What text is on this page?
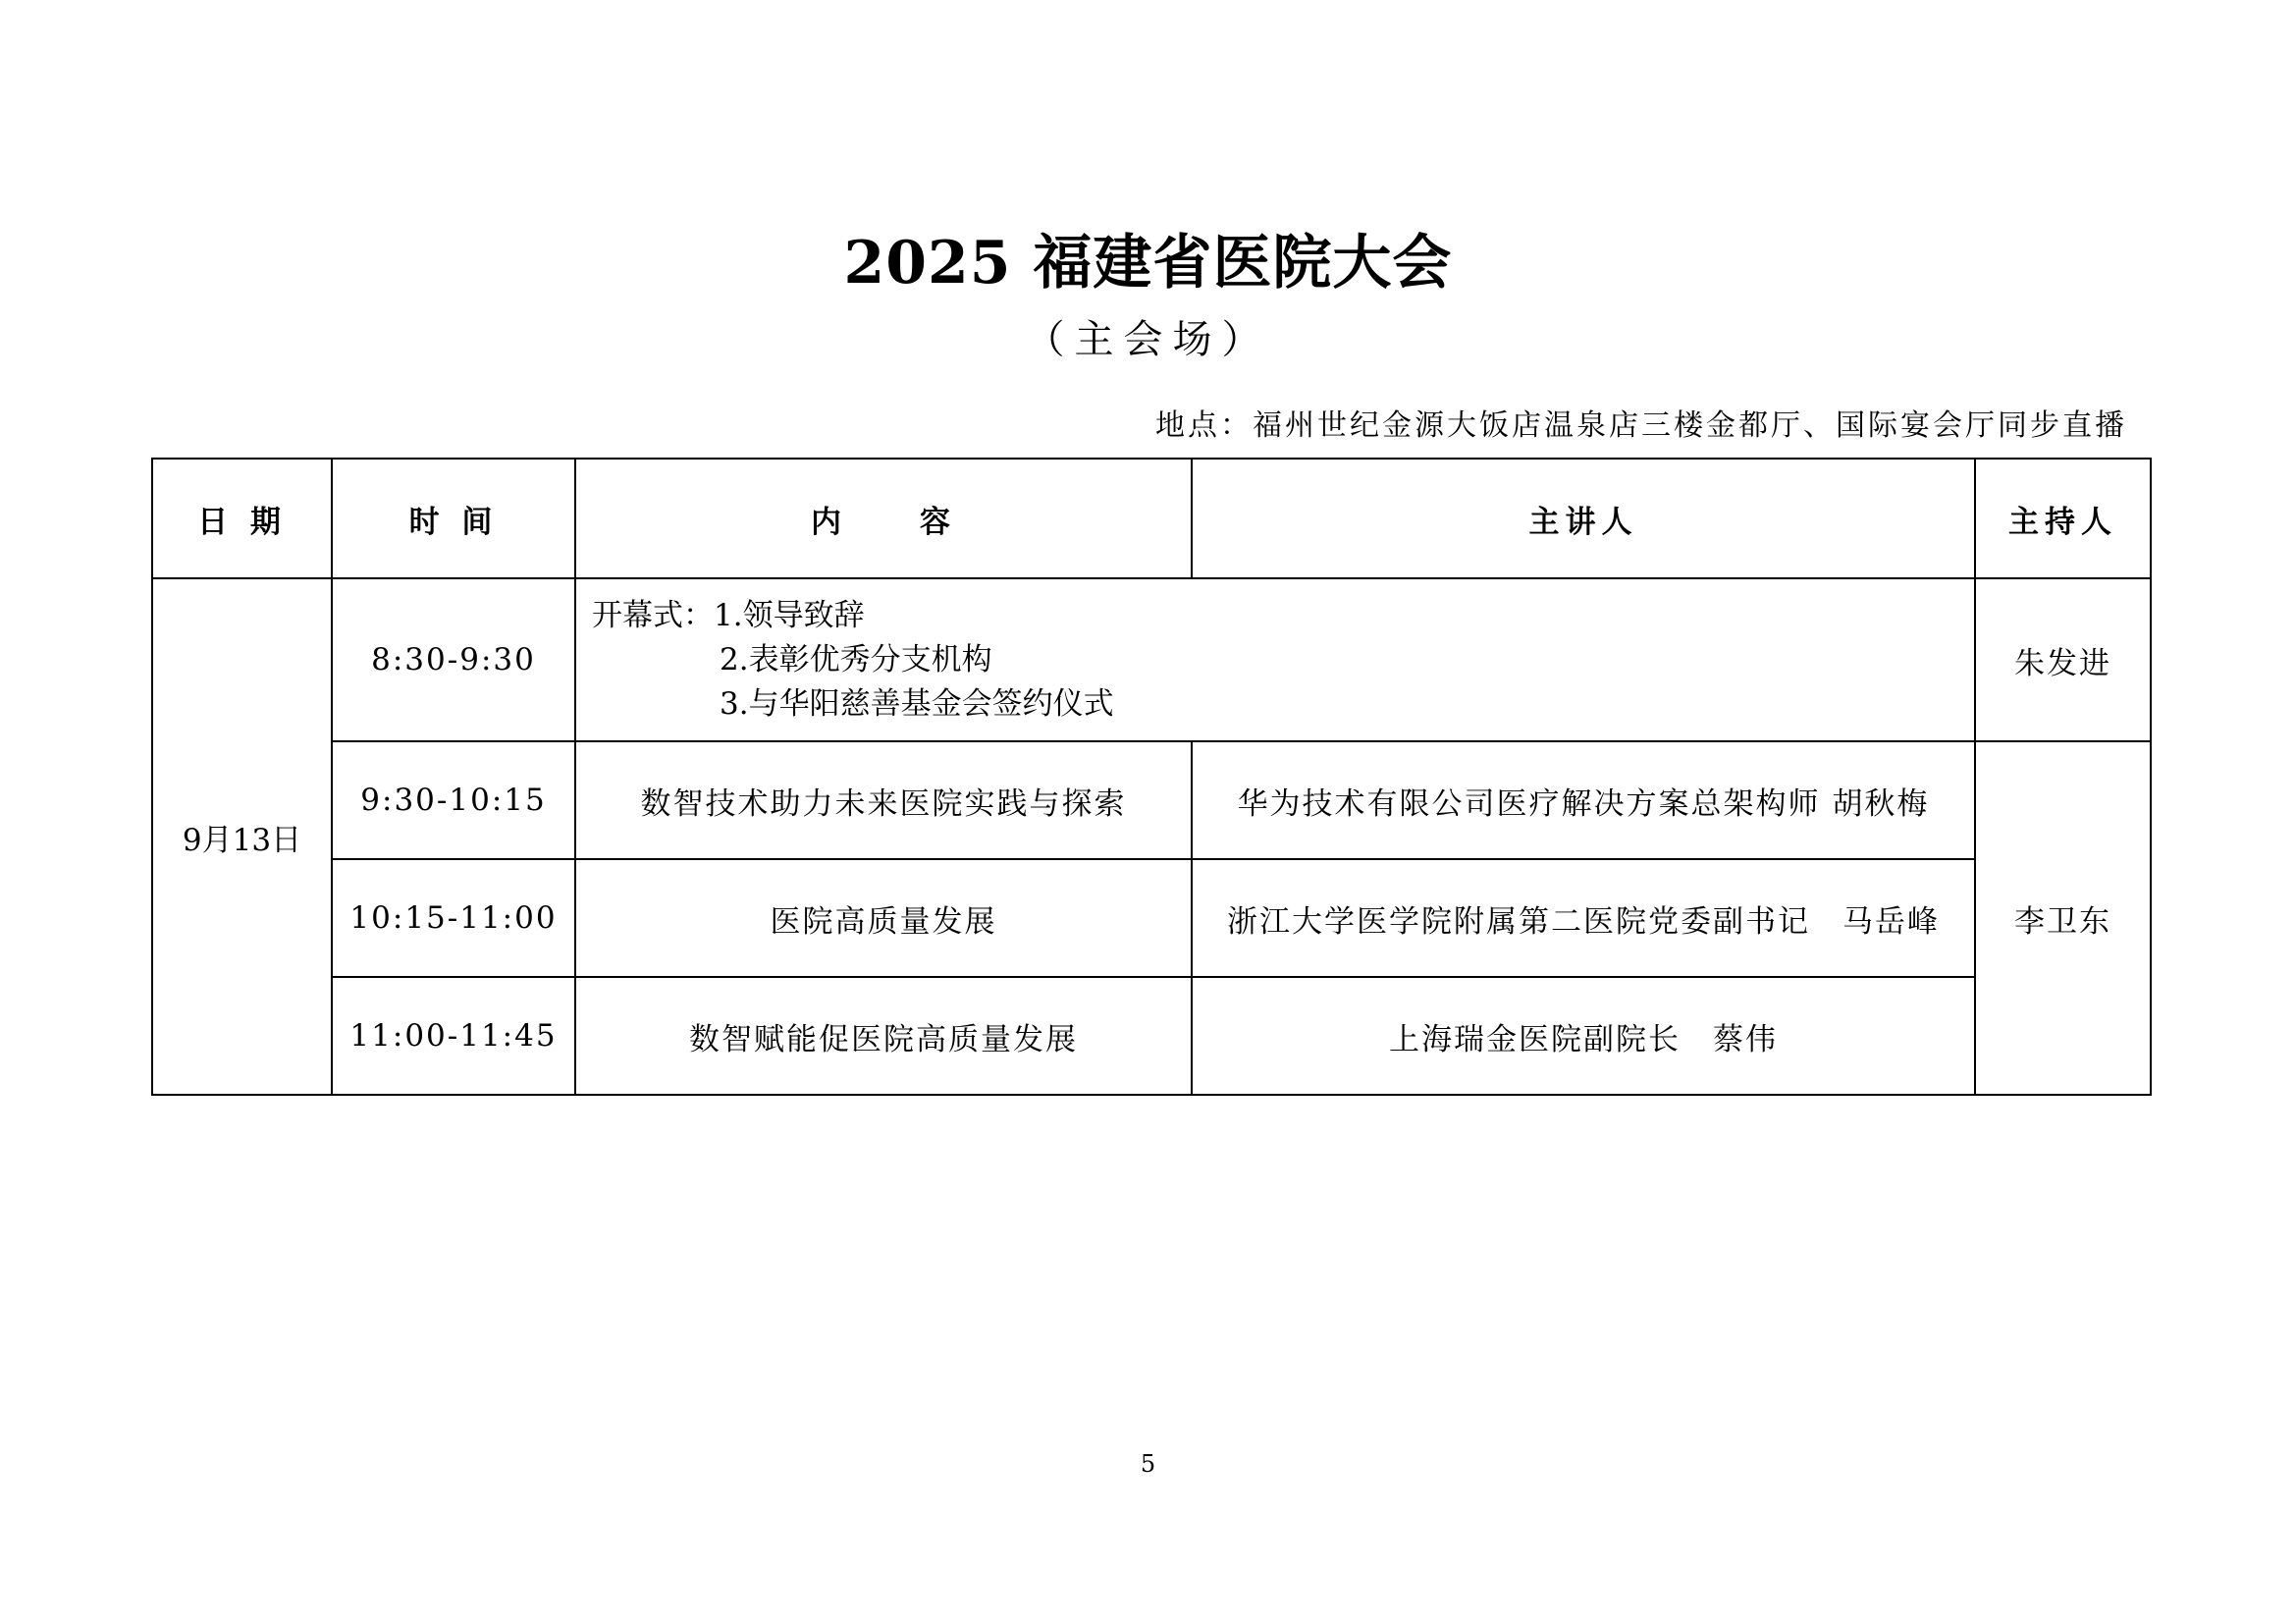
2025 福建省医院大会
（主会场）
地点：福州世纪金源大饭店温泉店三楼金都厅、国际宴会厅同步直播
日 期	时 间	内　　容	主讲人	主持人
9月13日	8:30-9:30	开幕式：1.领导致辞
2.表彰优秀分支机构
3.与华阳慈善基金会签约仪式		朱发进
	9:30-10:15	数智技术助力未来医院实践与探索	华为技术有限公司医疗解决方案总架构师 胡秋梅	李卫东
	10:15-11:00	医院高质量发展	浙江大学医学院附属第二医院党委副书记　马岳峰	
	11:00-11:45	数智赋能促医院高质量发展	上海瑞金医院副院长　蔡伟	
5
